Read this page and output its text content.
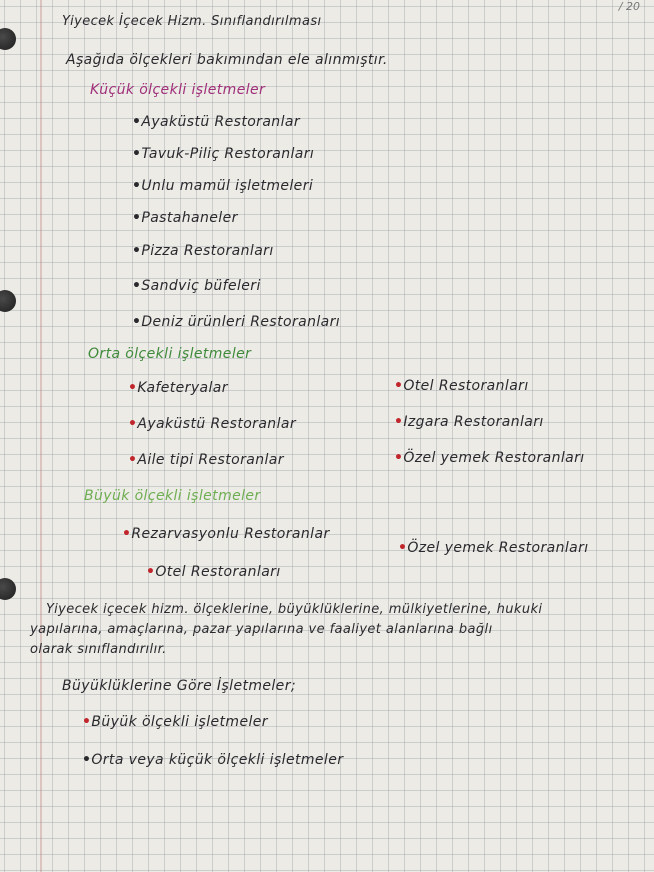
/ 20
Yiyecek İçecek Hizm. Sınıflandırılması
Aşağıda ölçekleri bakımından ele alınmıştır.
Küçük ölçekli işletmeler
• Ayaküstü Restoranlar
• Tavuk-Piliç Restoranları
• Unlu mamül işletmeleri
• Pastahaneler
• Pizza Restoranları
• Sandviç büfeleri
• Deniz ürünleri Restoranları
Orta ölçekli işletmeler
• Kafeteryalar
• Ayaküstü Restoranlar
• Aile tipi Restoranlar
• Otel Restoranları
• Izgara Restoranları
• Özel yemek Restoranları
Büyük ölçekli işletmeler
• Rezarvasyonlu Restoranlar
• Otel Restoranları
• Özel yemek Restoranları
Yiyecek içecek hizm. ölçeklerine, büyüklüklerine, mülkiyetlerine, hukuki
yapılarına, amaçlarına, pazar yapılarına ve faaliyet alanlarına bağlı
olarak sınıflandırılır.
Büyüklüklerine Göre İşletmeler;
• Büyük ölçekli işletmeler
• Orta veya küçük ölçekli işletmeler
